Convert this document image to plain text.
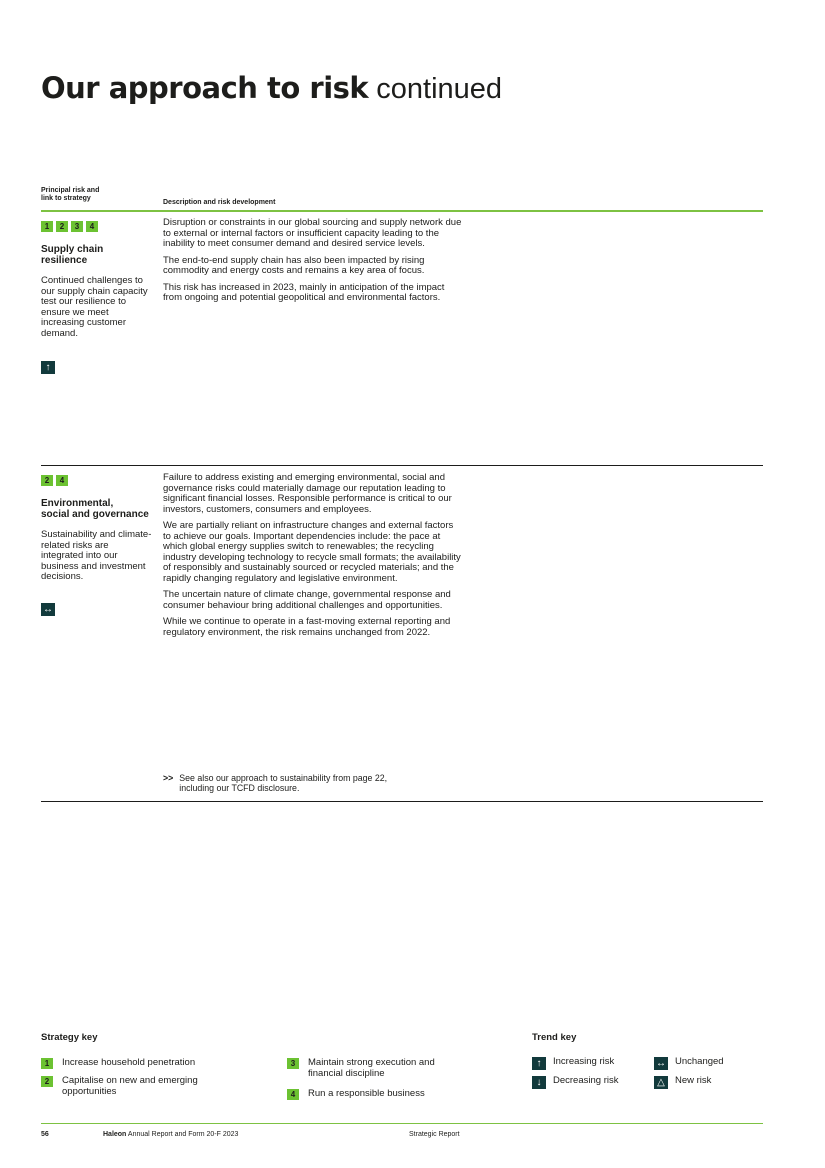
Our approach to risk continued
Principal risk and
link to strategy
Description and risk development
1	2	3	4
Supply chain
resilience
Continued challenges to our supply chain capacity test our resilience to ensure we meet increasing customer demand.
↑

Disruption or constraints in our global sourcing and supply network due to external or internal factors or insufficient capacity leading to the inability to meet consumer demand and desired service levels.

The end-to-end supply chain has also been impacted by rising commodity and energy costs and remains a key area of focus.

This risk has increased in 2023, mainly in anticipation of the impact from ongoing and potential geopolitical and environmental factors.

2	4
Environmental,
social and governance
Sustainability and climate-related risks are integrated into our business and investment decisions.
↔

Failure to address existing and emerging environmental, social and governance risks could materially damage our reputation leading to significant financial losses. Responsible performance is critical to our investors, customers, consumers and employees.

We are partially reliant on infrastructure changes and external factors to achieve our goals. Important dependencies include: the pace at which global energy supplies switch to renewables; the recycling industry developing technology to recycle small formats; the availability of responsibly and sustainably sourced or recycled materials; and the rapidly changing regulatory and legislative environment.

The uncertain nature of climate change, governmental response and consumer behaviour bring additional challenges and opportunities.

While we continue to operate in a fast-moving external reporting and regulatory environment, the risk remains unchanged from 2022.

>> See also our approach to sustainability from page 22,
including our TCFD disclosure.
Strategy key
1	Increase household penetration
2	Capitalise on new and emerging opportunities
3	Maintain strong execution and financial discipline
4	Run a responsible business
Trend key
↑	Increasing risk
↓	Decreasing risk
↔ Unchanged
△	New risk
56	Haleon Annual Report and Form 20-F 2023	Strategic Report
